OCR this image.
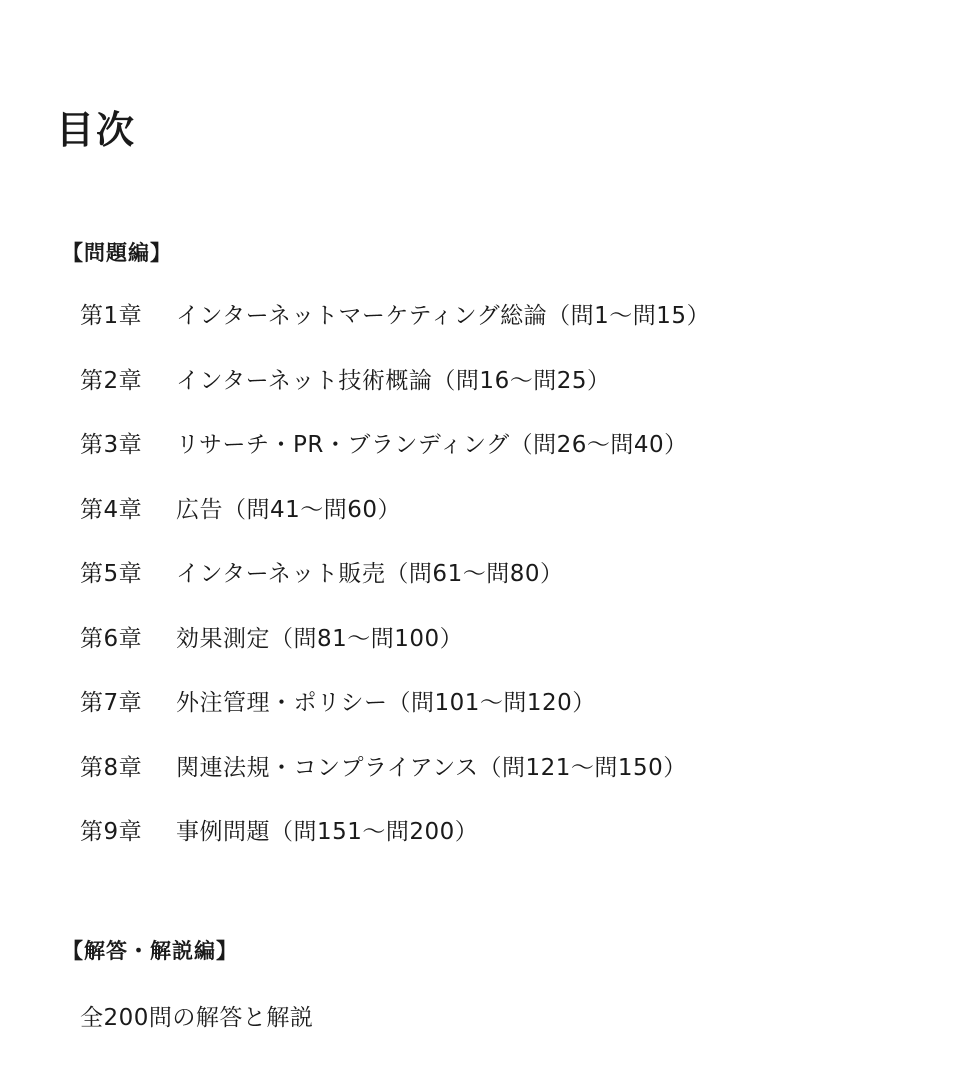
目次
【問題編】
第1章	インターネットマーケティング総論（問1〜問15）
第2章	インターネット技術概論（問16〜問25）
第3章	リサーチ・PR・ブランディング（問26〜問40）
第4章	広告（問41〜問60）
第5章	インターネット販売（問61〜問80）
第6章	効果測定（問81〜問100）
第7章	外注管理・ポリシー（問101〜問120）
第8章	関連法規・コンプライアンス（問121〜問150）
第9章	事例問題（問151〜問200）
【解答・解説編】

全200問の解答と解説
